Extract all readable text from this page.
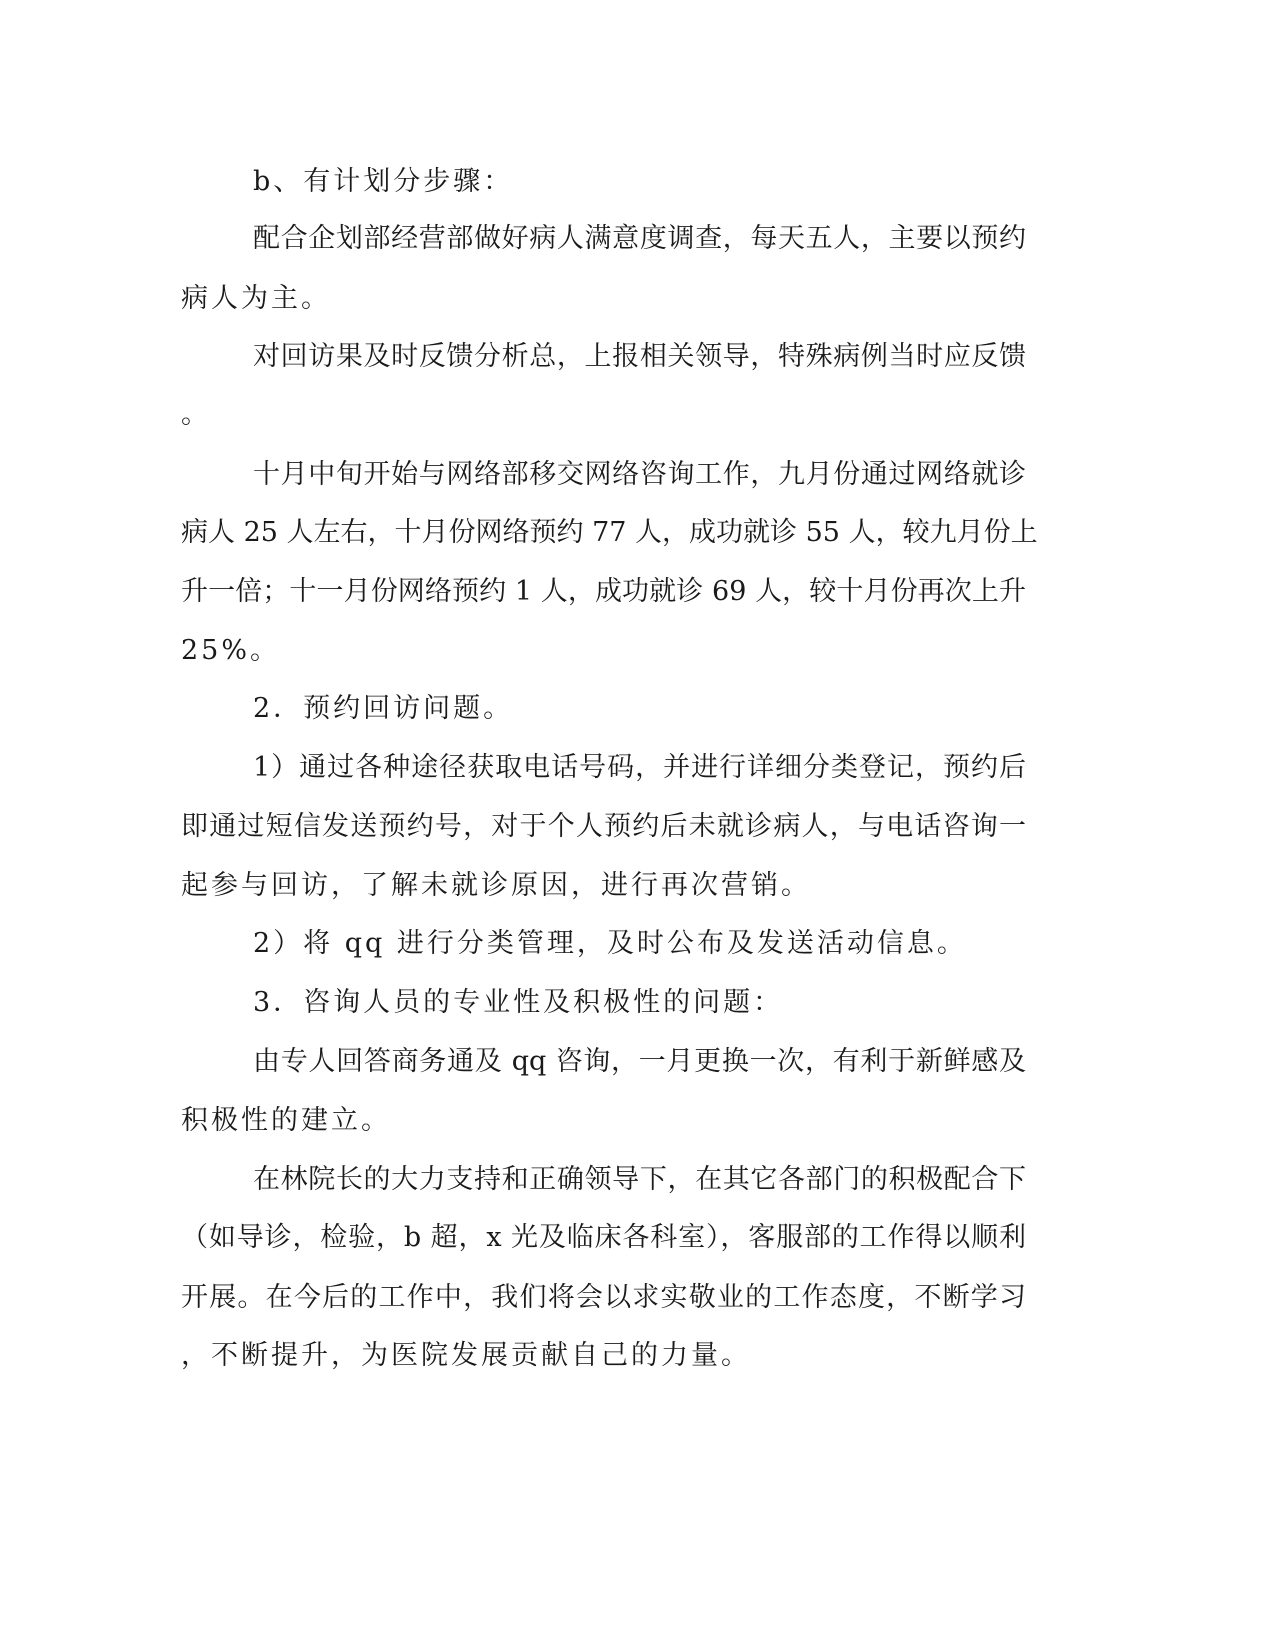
b、有计划分步骤：
配合企划部经营部做好病人满意度调查，每天五人，主要以预约
病人为主。
对回访果及时反馈分析总，上报相关领导，特殊病例当时应反馈
。
十月中旬开始与网络部移交网络咨询工作，九月份通过网络就诊
病人 25 人左右，十月份网络预约 77 人，成功就诊 55 人，较九月份上
升一倍；十一月份网络预约 1 人，成功就诊 69 人，较十月份再次上升
25%。
2．预约回访问题。
1）通过各种途径获取电话号码，并进行详细分类登记，预约后
即通过短信发送预约号，对于个人预约后未就诊病人，与电话咨询一
起参与回访，了解未就诊原因，进行再次营销。
2）将 qq 进行分类管理，及时公布及发送活动信息。
3．咨询人员的专业性及积极性的问题：
由专人回答商务通及 qq 咨询，一月更换一次，有利于新鲜感及
积极性的建立。
在林院长的大力支持和正确领导下，在其它各部门的积极配合下
（如导诊，检验，b 超，x 光及临床各科室），客服部的工作得以顺利
开展。在今后的工作中，我们将会以求实敬业的工作态度，不断学习
，不断提升，为医院发展贡献自己的力量。
